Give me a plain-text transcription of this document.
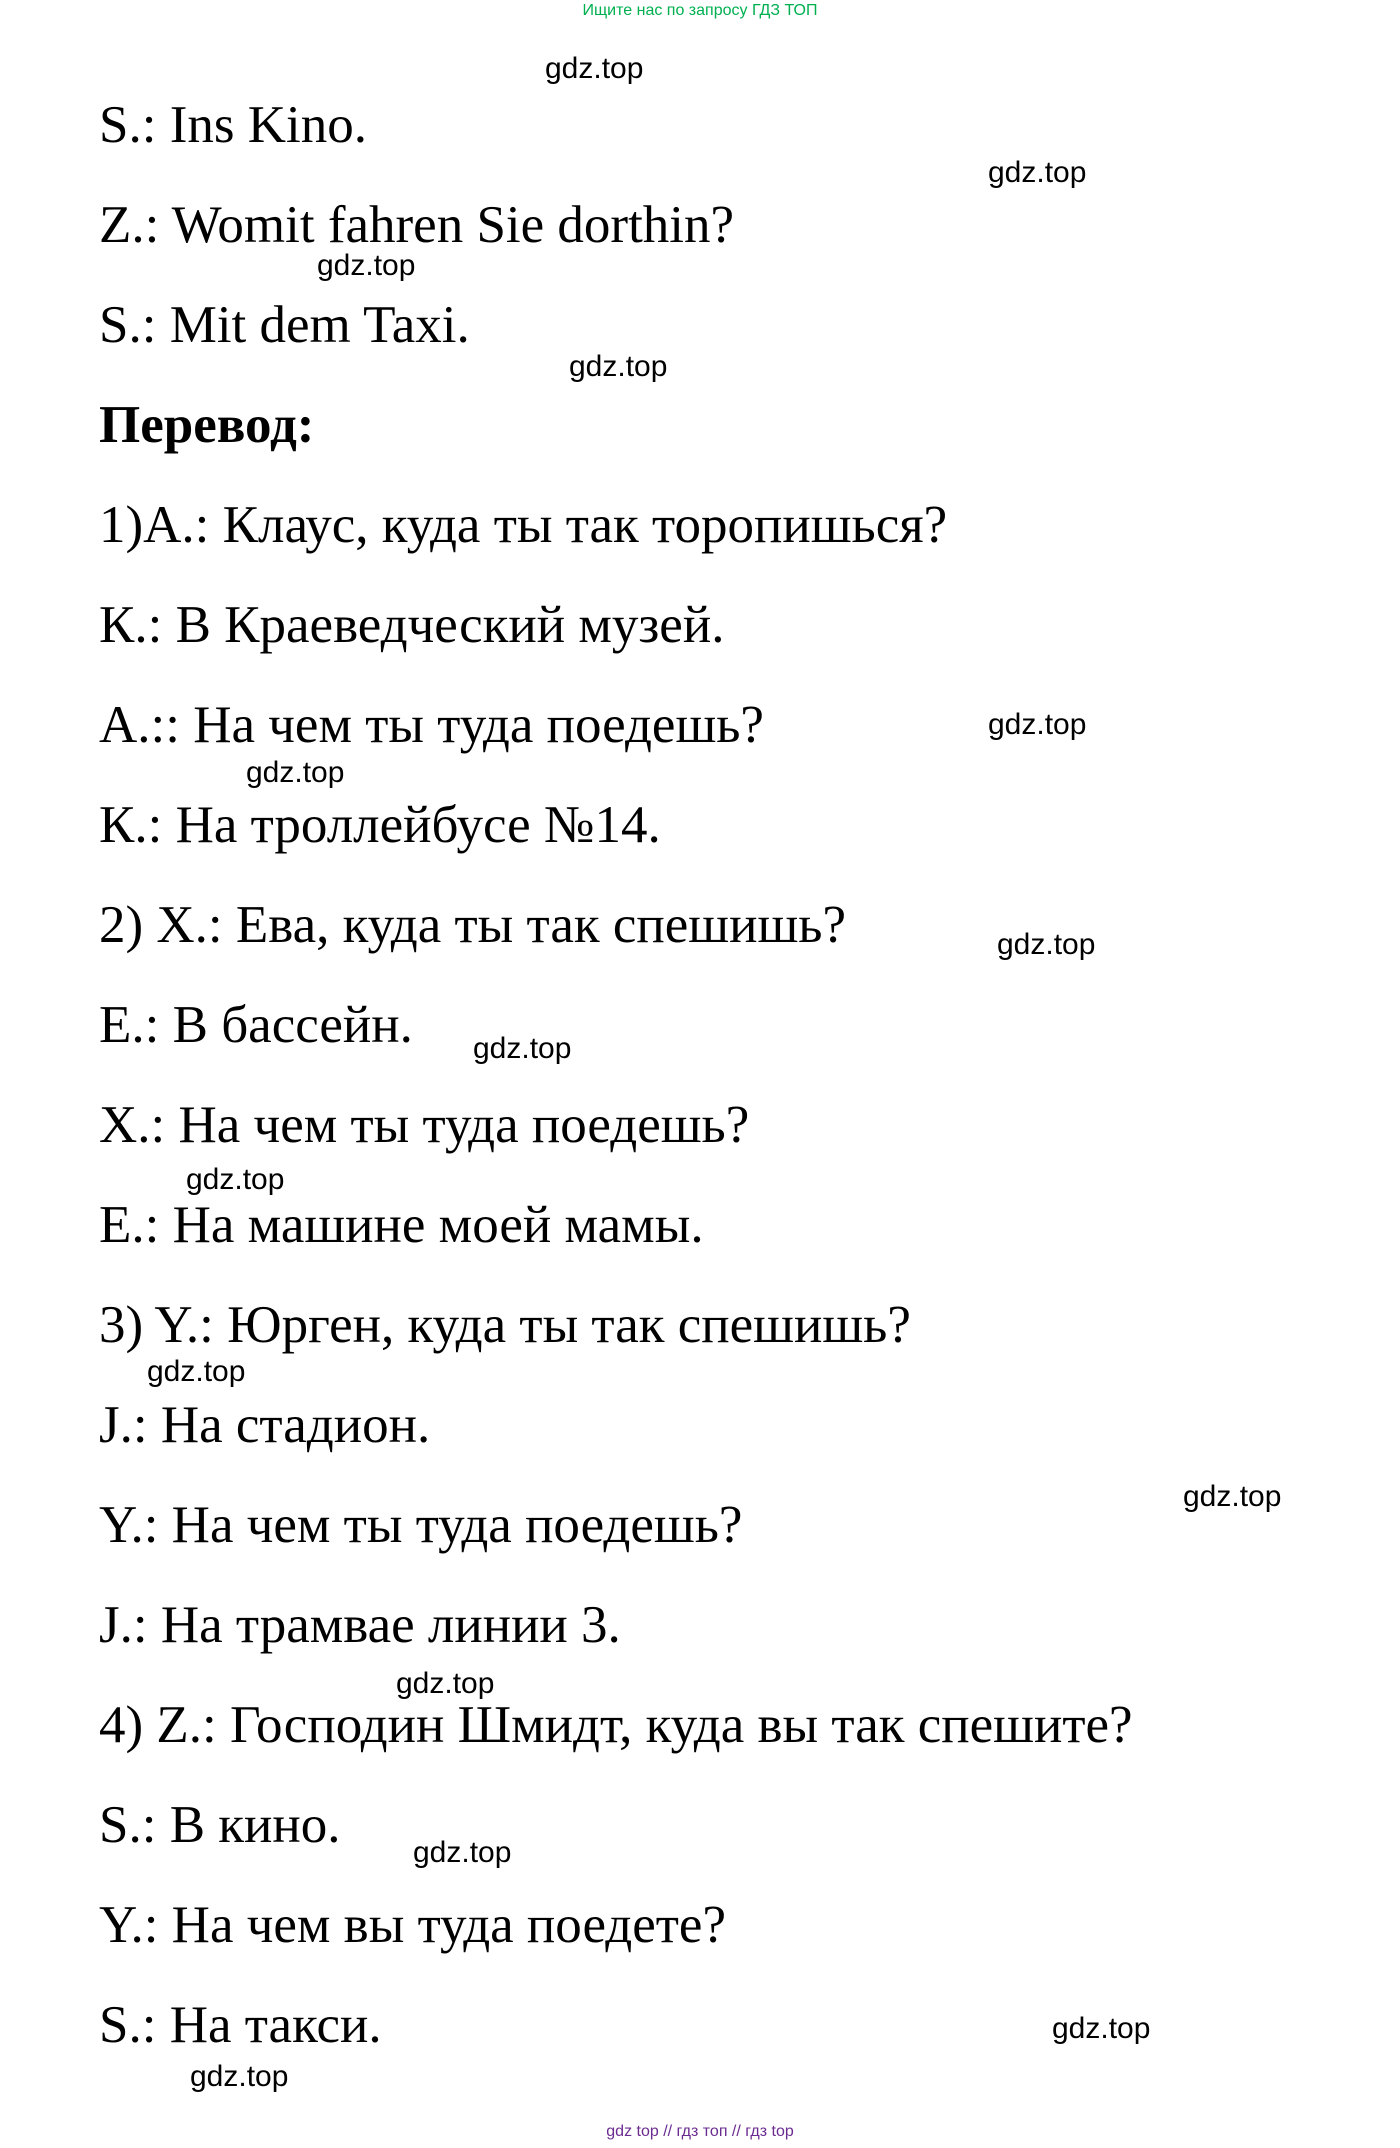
Ищите нас по запросу ГДЗ ТОП

S.: Ins Kino.

Z.: Womit fahren Sie dorthin?

S.: Mit dem Taxi.

Перевод:

1)A.: Клаус, куда ты так торопишься?

К.: В Краеведческий музей.

А.:: На чем ты туда поедешь?

К.: На троллейбусе №14.

2) X.: Ева, куда ты так спешишь?

Е.: В бассейн.

Х.: На чем ты туда поедешь?

Е.: На машине моей мамы.

3) Y.: Юрген, куда ты так спешишь?

J.: На стадион.

Y.: На чем ты туда поедешь?

J.: На трамвае линии 3.

4) Z.: Господин Шмидт, куда вы так спешите?

S.: В кино.

Y.: На чем вы туда поедете?

S.: На такси.

gdz.top
gdz.top
gdz.top
gdz.top
gdz.top
gdz.top
gdz.top
gdz.top
gdz.top
gdz.top
gdz.top
gdz.top
gdz.top
gdz.top
gdz.top
gdz top // гдз топ // гдз top
